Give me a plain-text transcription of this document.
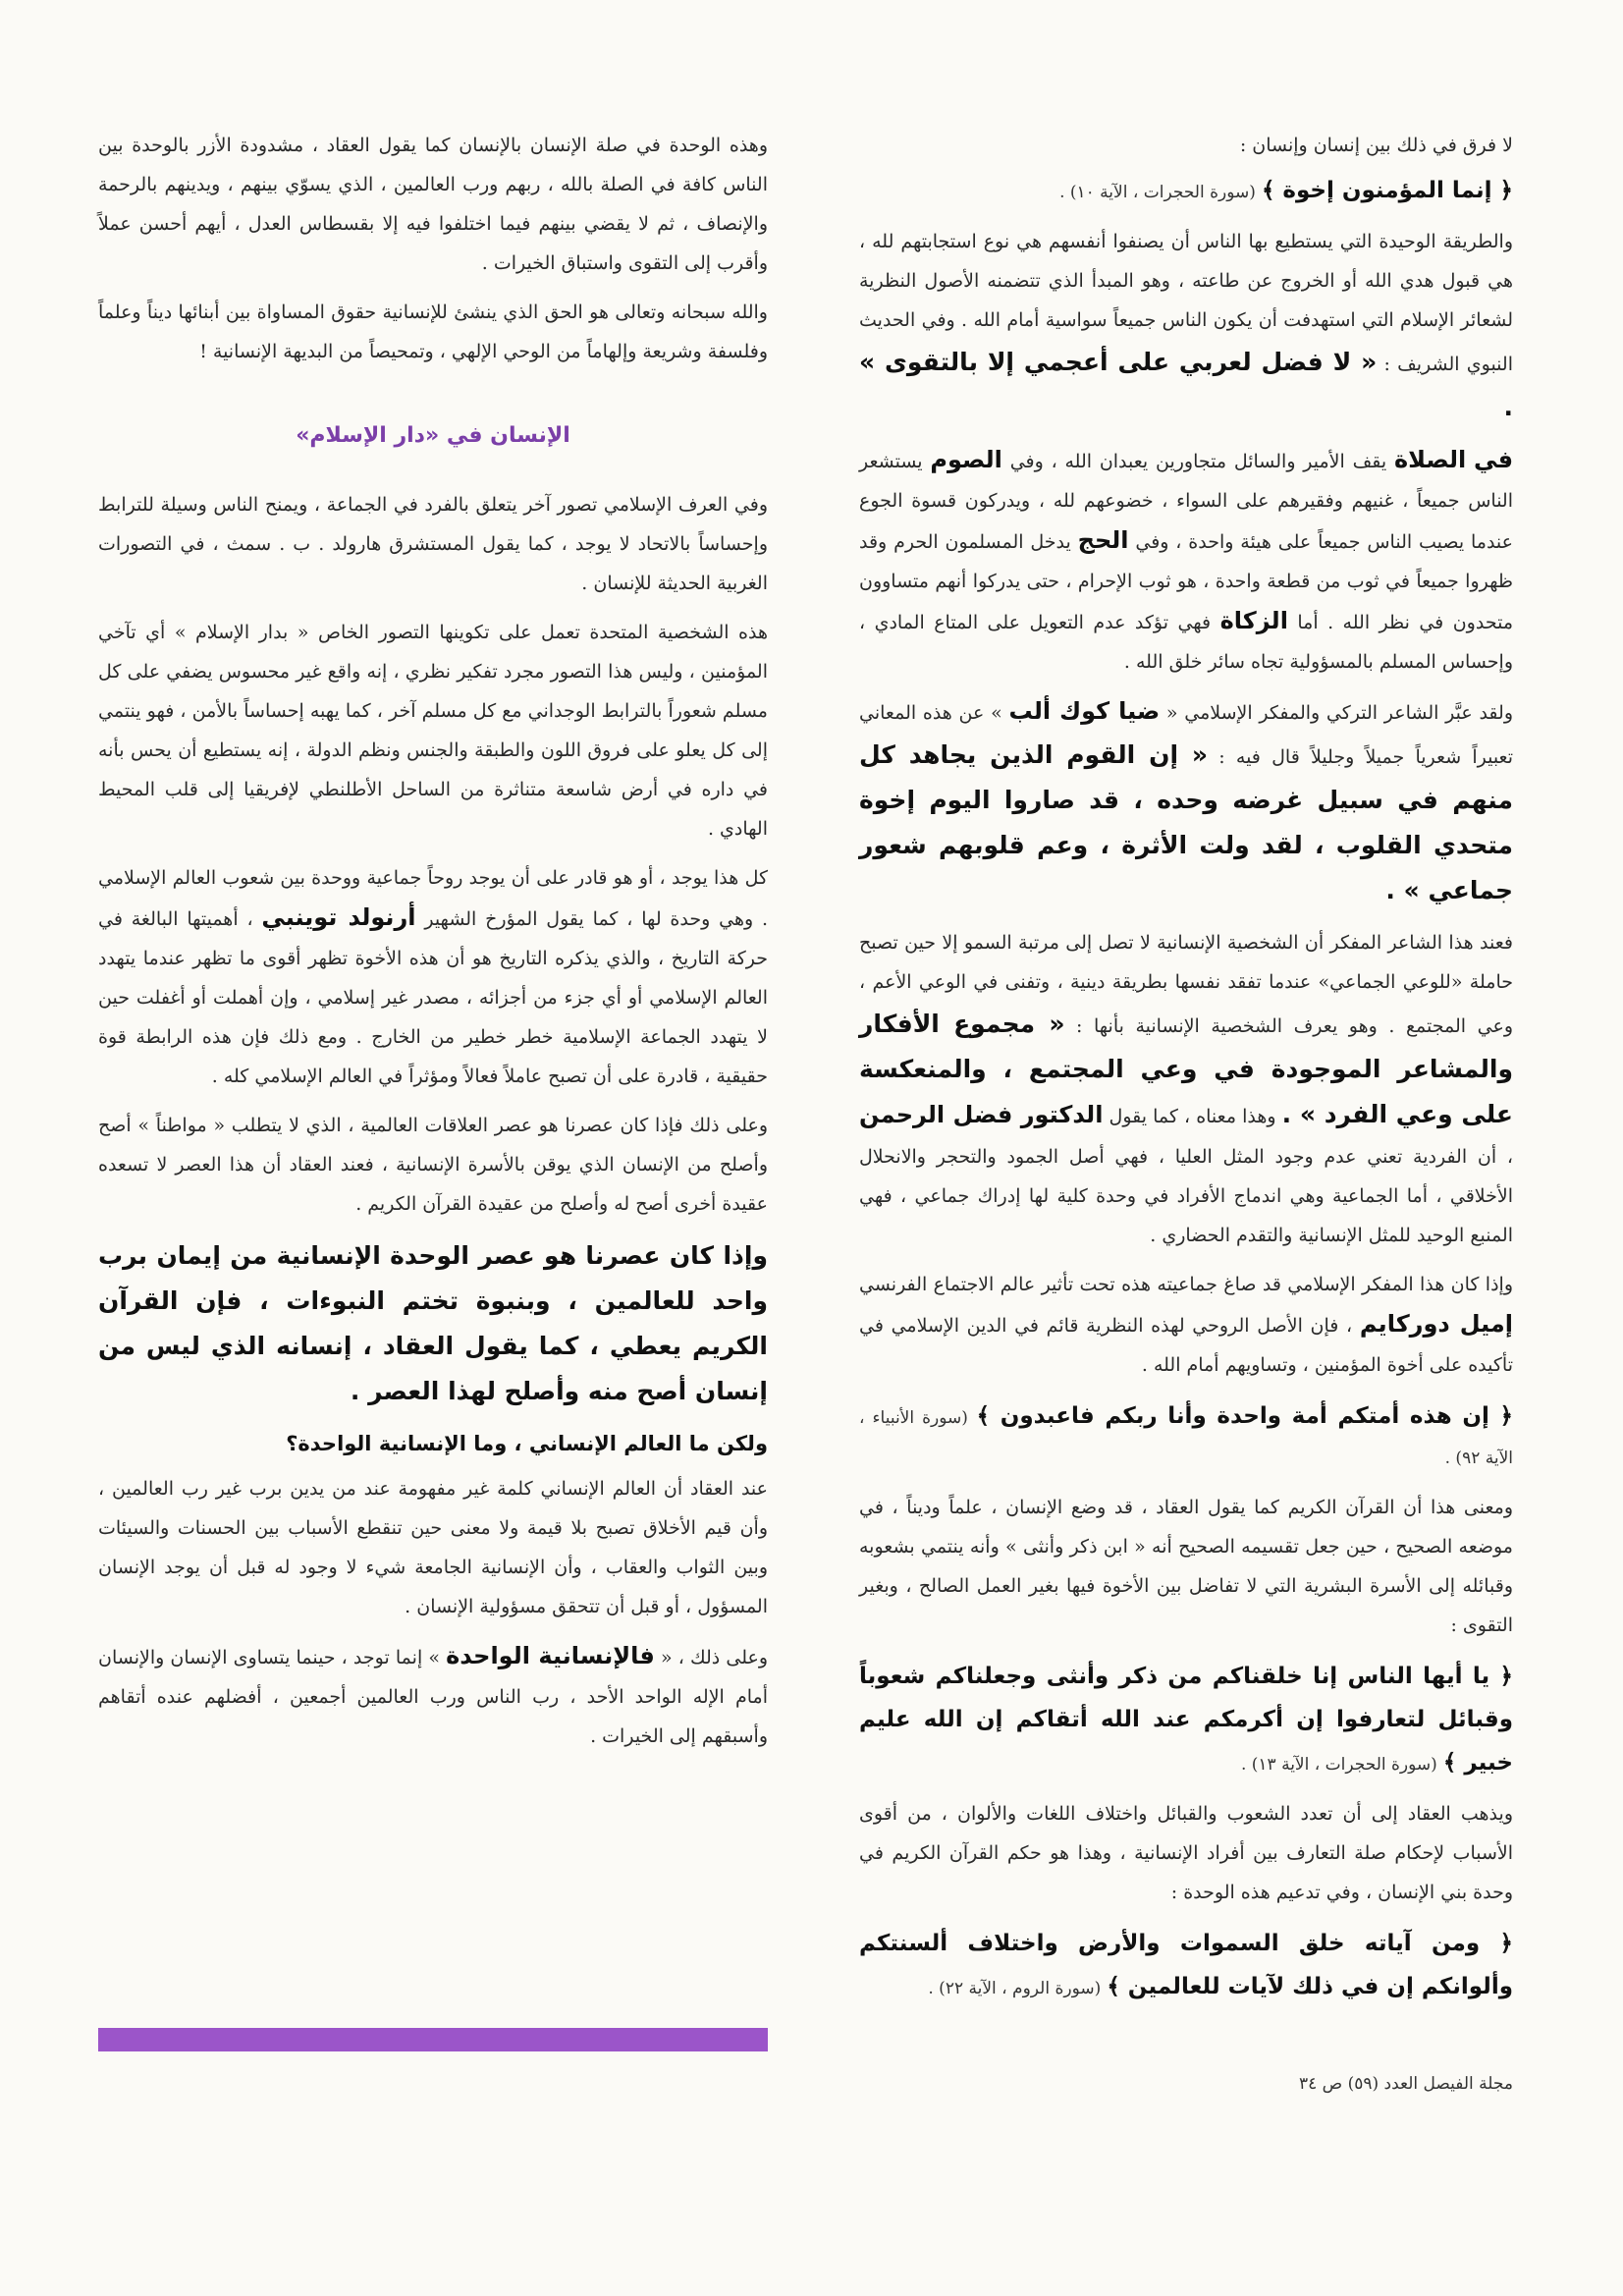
لا فرق في ذلك بين إنسان وإنسان :

﴿ إنما المؤمنون إخوة ﴾ (سورة الحجرات ، الآية ١٠) .

والطريقة الوحيدة التي يستطيع بها الناس أن يصنفوا أنفسهم هي نوع استجابتهم لله ، هي قبول هدي الله أو الخروج عن طاعته ، وهو المبدأ الذي تتضمنه الأصول النظرية لشعائر الإسلام التي استهدفت أن يكون الناس جميعاً سواسية أمام الله . وفي الحديث النبوي الشريف : « لا فضل لعربي على أعجمي إلا بالتقوى » .

في الصلاة يقف الأمير والسائل متجاورين يعبدان الله ، وفي الصوم يستشعر الناس جميعاً ، غنيهم وفقيرهم على السواء ، خضوعهم لله ، ويدركون قسوة الجوع عندما يصيب الناس جميعاً على هيئة واحدة ، وفي الحج يدخل المسلمون الحرم وقد ظهروا جميعاً في ثوب من قطعة واحدة ، هو ثوب الإحرام ، حتى يدركوا أنهم متساوون متحدون في نظر الله . أما الزكاة فهي تؤكد عدم التعويل على المتاع المادي ، وإحساس المسلم بالمسؤولية تجاه سائر خلق الله .

ولقد عبَّر الشاعر التركي والمفكر الإسلامي « ضيا كوك ألب » عن هذه المعاني تعبيراً شعرياً جميلاً وجليلاً قال فيه : « إن القوم الذين يجاهد كل منهم في سبيل غرضه وحده ، قد صاروا اليوم إخوة متحدي القلوب ، لقد ولت الأثرة ، وعم قلوبهم شعور جماعي » .

فعند هذا الشاعر المفكر أن الشخصية الإنسانية لا تصل إلى مرتبة السمو إلا حين تصبح حاملة «للوعي الجماعي» عندما تفقد نفسها بطريقة دينية ، وتفنى في الوعي الأعم ، وعي المجتمع . وهو يعرف الشخصية الإنسانية بأنها : « مجموع الأفكار والمشاعر الموجودة في وعي المجتمع ، والمنعكسة على وعي الفرد » . وهذا معناه ، كما يقول الدكتور فضل الرحمن ، أن الفردية تعني عدم وجود المثل العليا ، فهي أصل الجمود والتحجر والانحلال الأخلاقي ، أما الجماعية وهي اندماج الأفراد في وحدة كلية لها إدراك جماعي ، فهي المنبع الوحيد للمثل الإنسانية والتقدم الحضاري .

وإذا كان هذا المفكر الإسلامي قد صاغ جماعيته هذه تحت تأثير عالم الاجتماع الفرنسي إميل دوركايم ، فإن الأصل الروحي لهذه النظرية قائم في الدين الإسلامي في تأكيده على أخوة المؤمنين ، وتساويهم أمام الله .

﴿ إن هذه أمتكم أمة واحدة وأنا ربكم فاعبدون ﴾ (سورة الأنبياء ، الآية ٩٢) .

ومعنى هذا أن القرآن الكريم كما يقول العقاد ، قد وضع الإنسان ، علماً وديناً ، في موضعه الصحيح ، حين جعل تقسيمه الصحيح أنه « ابن ذكر وأنثى » وأنه ينتمي بشعوبه وقبائله إلى الأسرة البشرية التي لا تفاضل بين الأخوة فيها بغير العمل الصالح ، وبغير التقوى :

﴿ يا أيها الناس إنا خلقناكم من ذكر وأنثى وجعلناكم شعوباً وقبائل لتعارفوا إن أكرمكم عند الله أتقاكم إن الله عليم خبير ﴾ (سورة الحجرات ، الآية ١٣) .

ويذهب العقاد إلى أن تعدد الشعوب والقبائل واختلاف اللغات والألوان ، من أقوى الأسباب لإحكام صلة التعارف بين أفراد الإنسانية ، وهذا هو حكم القرآن الكريم في وحدة بني الإنسان ، وفي تدعيم هذه الوحدة :

﴿ ومن آياته خلق السموات والأرض واختلاف ألسنتكم وألوانكم إن في ذلك لآيات للعالمين ﴾ (سورة الروم ، الآية ٢٢) .

وهذه الوحدة في صلة الإنسان بالإنسان كما يقول العقاد ، مشدودة الأزر بالوحدة بين الناس كافة في الصلة بالله ، ربهم ورب العالمين ، الذي يسوّي بينهم ، ويدينهم بالرحمة والإنصاف ، ثم لا يقضي بينهم فيما اختلفوا فيه إلا بقسطاس العدل ، أيهم أحسن عملاً وأقرب إلى التقوى واستباق الخيرات .

والله سبحانه وتعالى هو الحق الذي ينشئ للإنسانية حقوق المساواة بين أبنائها ديناً وعلماً وفلسفة وشريعة وإلهاماً من الوحي الإلهي ، وتمحيصاً من البديهة الإنسانية !

الإنسان في «دار الإسلام»

وفي العرف الإسلامي تصور آخر يتعلق بالفرد في الجماعة ، ويمنح الناس وسيلة للترابط وإحساساً بالاتحاد لا يوجد ، كما يقول المستشرق هارولد . ب . سمث ، في التصورات الغربية الحديثة للإنسان .

هذه الشخصية المتحدة تعمل على تكوينها التصور الخاص « بدار الإسلام » أي تآخي المؤمنين ، وليس هذا التصور مجرد تفكير نظري ، إنه واقع غير محسوس يضفي على كل مسلم شعوراً بالترابط الوجداني مع كل مسلم آخر ، كما يهبه إحساساً بالأمن ، فهو ينتمي إلى كل يعلو على فروق اللون والطبقة والجنس ونظم الدولة ، إنه يستطيع أن يحس بأنه في داره في أرض شاسعة متناثرة من الساحل الأطلنطي لإفريقيا إلى قلب المحيط الهادي .

كل هذا يوجد ، أو هو قادر على أن يوجد روحاً جماعية ووحدة بين شعوب العالم الإسلامي . وهي وحدة لها ، كما يقول المؤرخ الشهير أرنولد توينبي ، أهميتها البالغة في حركة التاريخ ، والذي يذكره التاريخ هو أن هذه الأخوة تظهر أقوى ما تظهر عندما يتهدد العالم الإسلامي أو أي جزء من أجزائه ، مصدر غير إسلامي ، وإن أهملت أو أغفلت حين لا يتهدد الجماعة الإسلامية خطر خطير من الخارج . ومع ذلك فإن هذه الرابطة قوة حقيقية ، قادرة على أن تصبح عاملاً فعالاً ومؤثراً في العالم الإسلامي كله .

وعلى ذلك فإذا كان عصرنا هو عصر العلاقات العالمية ، الذي لا يتطلب « مواطناً » أصح وأصلح من الإنسان الذي يوقن بالأسرة الإنسانية ، فعند العقاد أن هذا العصر لا تسعده عقيدة أخرى أصح له وأصلح من عقيدة القرآن الكريم .

وإذا كان عصرنا هو عصر الوحدة الإنسانية من إيمان برب واحد للعالمين ، وبنبوة تختم النبوءات ، فإن القرآن الكريم يعطي ، كما يقول العقاد ، إنسانه الذي ليس من إنسان أصح منه وأصلح لهذا العصر .

ولكن ما العالم الإنساني ، وما الإنسانية الواحدة؟

عند العقاد أن العالم الإنساني كلمة غير مفهومة عند من يدين برب غير رب العالمين ، وأن قيم الأخلاق تصبح بلا قيمة ولا معنى حين تنقطع الأسباب بين الحسنات والسيئات وبين الثواب والعقاب ، وأن الإنسانية الجامعة شيء لا وجود له قبل أن يوجد الإنسان المسؤول ، أو قبل أن تتحقق مسؤولية الإنسان .

وعلى ذلك ، « فالإنسانية الواحدة » إنما توجد ، حينما يتساوى الإنسان والإنسان أمام الإله الواحد الأحد ، رب الناس ورب العالمين أجمعين ، أفضلهم عنده أتقاهم وأسبقهم إلى الخيرات .

مجلة الفيصل العدد (٥٩) ص ٣٤
